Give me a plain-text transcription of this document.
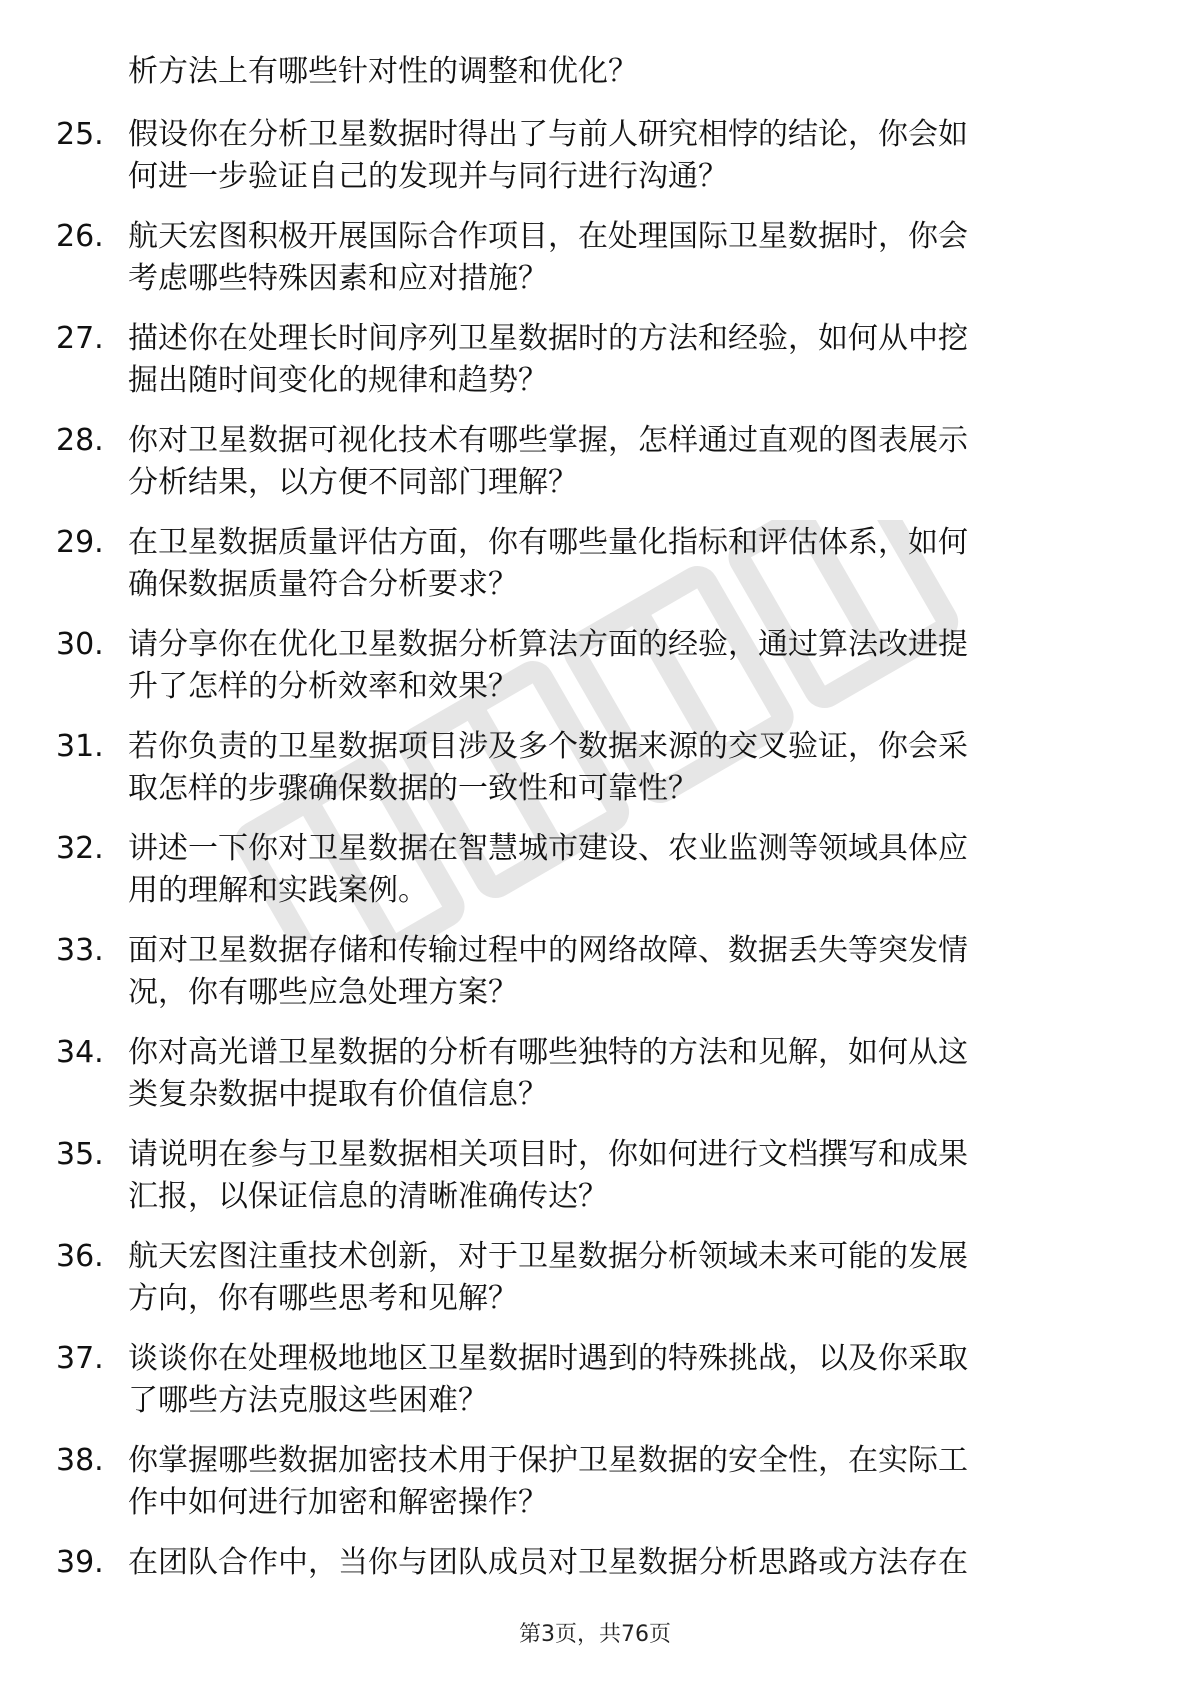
析方法上有哪些针对性的调整和优化？
25. 假设你在分析卫星数据时得出了与前人研究相悖的结论，你会如
何进一步验证自己的发现并与同行进行沟通？
26. 航天宏图积极开展国际合作项目，在处理国际卫星数据时，你会
考虑哪些特殊因素和应对措施？
27. 描述你在处理长时间序列卫星数据时的方法和经验，如何从中挖
掘出随时间变化的规律和趋势？
28. 你对卫星数据可视化技术有哪些掌握，怎样通过直观的图表展示
分析结果，以方便不同部门理解？
29. 在卫星数据质量评估方面，你有哪些量化指标和评估体系，如何
确保数据质量符合分析要求？
30. 请分享你在优化卫星数据分析算法方面的经验，通过算法改进提
升了怎样的分析效率和效果？
31. 若你负责的卫星数据项目涉及多个数据来源的交叉验证，你会采
取怎样的步骤确保数据的一致性和可靠性？
32. 讲述一下你对卫星数据在智慧城市建设、农业监测等领域具体应
用的理解和实践案例。
33. 面对卫星数据存储和传输过程中的网络故障、数据丢失等突发情
况，你有哪些应急处理方案？
34. 你对高光谱卫星数据的分析有哪些独特的方法和见解，如何从这
类复杂数据中提取有价值信息？
35. 请说明在参与卫星数据相关项目时，你如何进行文档撰写和成果
汇报，以保证信息的清晰准确传达？
36. 航天宏图注重技术创新，对于卫星数据分析领域未来可能的发展
方向，你有哪些思考和见解？
37. 谈谈你在处理极地地区卫星数据时遇到的特殊挑战，以及你采取
了哪些方法克服这些困难？
38. 你掌握哪些数据加密技术用于保护卫星数据的安全性，在实际工
作中如何进行加密和解密操作？
39. 在团队合作中，当你与团队成员对卫星数据分析思路或方法存在
第3页，共76页
